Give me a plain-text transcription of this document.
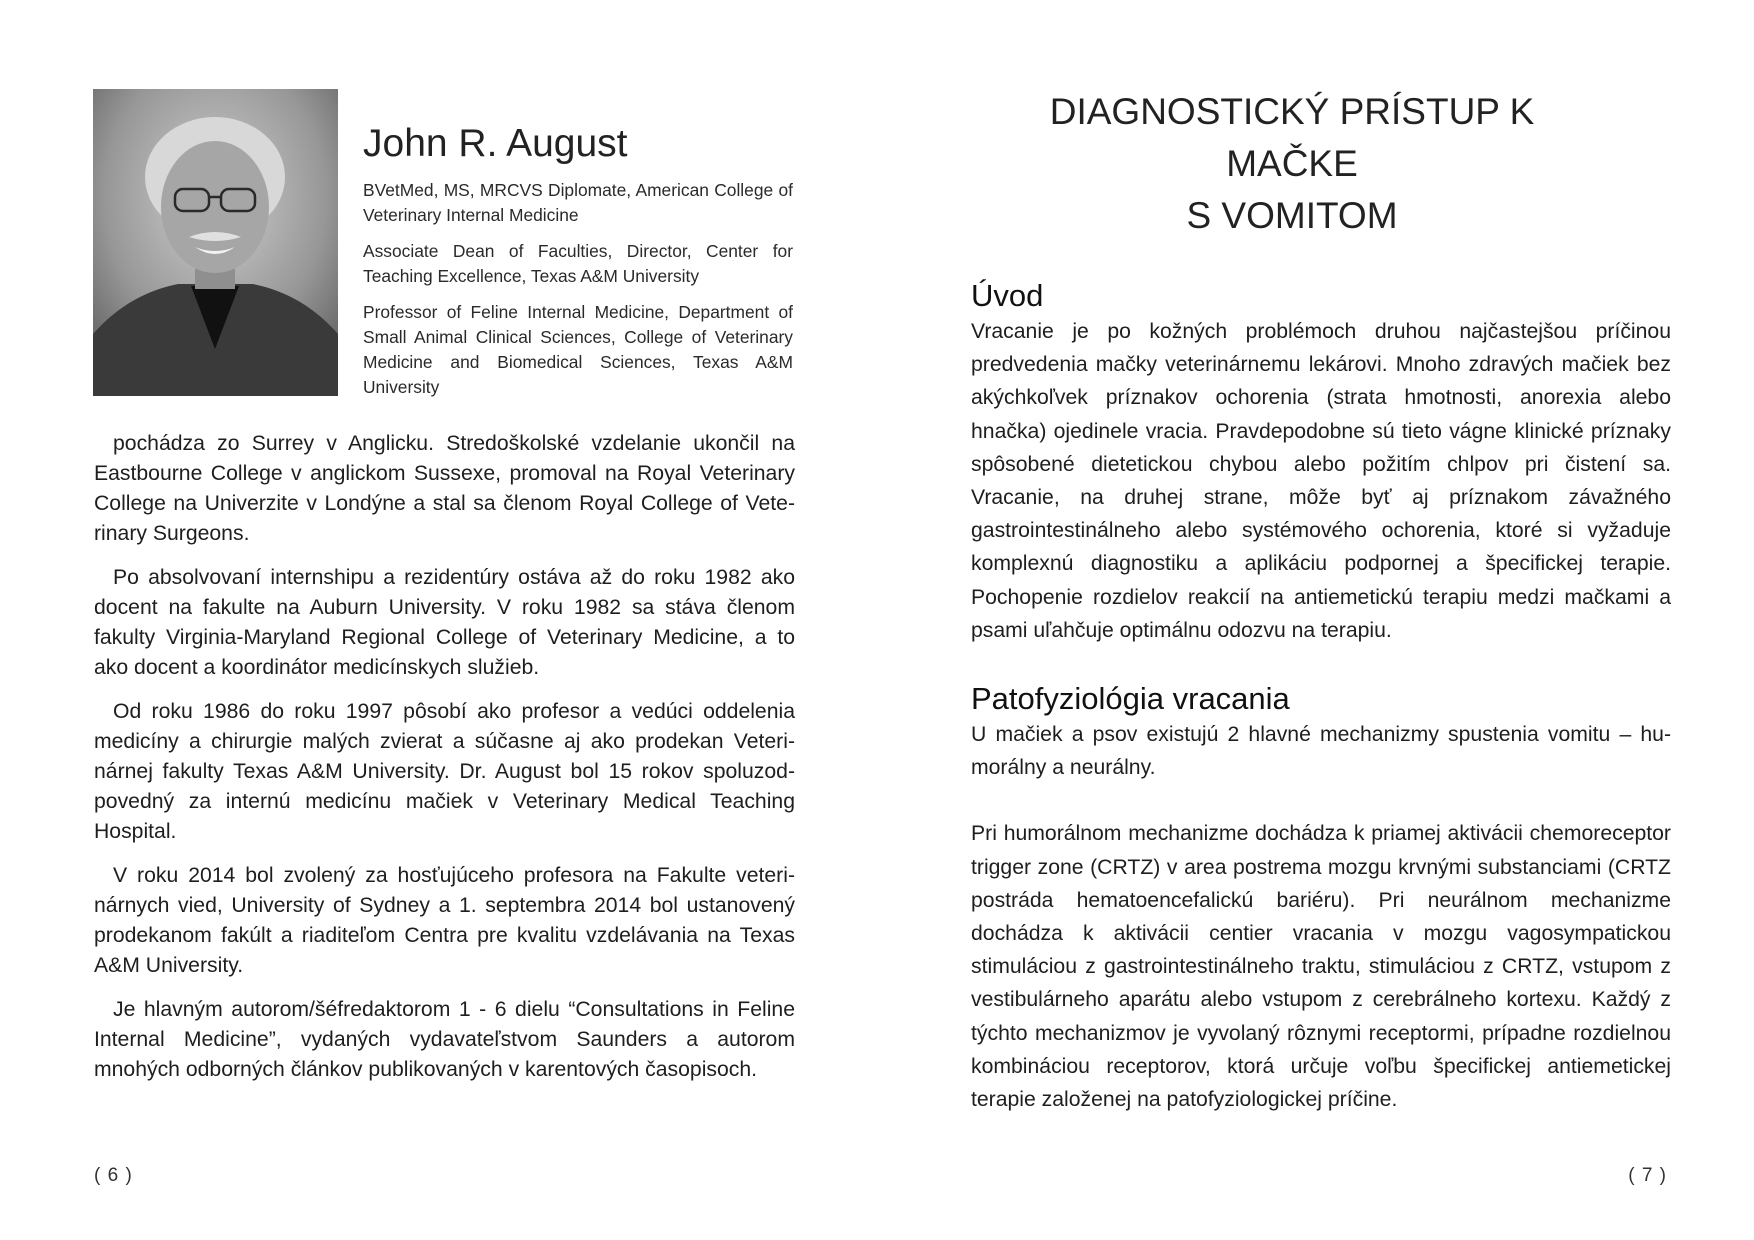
John R. August

BVetMed, MS, MRCVS Diplomate, American College of Veterinary Internal Medicine

Associate Dean of Faculties, Director, Center for Teaching Excellence, Texas A&M University

Professor of Feline Internal Medicine, Department of Small Animal Clinical Sciences, College of Veterinary Medicine and Biomedical Sciences, Texas A&M University

pochádza zo Surrey v Anglicku. Stredoškolské vzdelanie ukončil na Eastbourne College v anglickom Sussexe, promoval na Royal Veterinary College na Univerzite v Londýne a stal sa členom Royal College of Veterinary Surgeons.

Po absolvovaní internshipu a rezidentúry ostáva až do roku 1982 ako docent na fakulte na Auburn University. V roku 1982 sa stáva členom fakulty Virginia-Maryland Regional College of Veterinary Medicine, a to ako docent a koordinátor medicínskych služieb.

Od roku 1986 do roku 1997 pôsobí ako profesor a vedúci oddelenia medicíny a chirurgie malých zvierat a súčasne aj ako prodekan Veterinárnej fakulty Texas A&M University. Dr. August bol 15 rokov spoluzodpovedný za internú medicínu mačiek v Veterinary Medical Teaching Hospital.

V roku 2014 bol zvolený za hosťujúceho profesora na Fakulte veterinárnych vied, University of Sydney a 1. septembra 2014 bol ustanovený prodekanom fakúlt a riaditeľom Centra pre kvalitu vzdelávania na Texas A&M University.

Je hlavným autorom/šéfredaktorom 1 - 6 dielu “Consultations in Feline Internal Medicine”, vydaných vydavateľstvom Saunders a autorom mnohých odborných článkov publikovaných v karentových časopisoch.

( 6 )
DIAGNOSTICKÝ PRÍSTUP K MAČKE
S VOMITOM
Úvod

Vracanie je po kožných problémoch druhou najčastejšou príčinou predvedenia mačky veterinárnemu lekárovi. Mnoho zdravých mačiek bez akýchkoľvek príznakov ochorenia (strata hmotnosti, anorexia alebo hnačka) ojedinele vracia. Pravdepodobne sú tieto vágne klinické príznaky spôsobené dietetickou chybou alebo požitím chlpov pri čistení sa. Vracanie, na druhej strane, môže byť aj príznakom závažného gastrointestinálneho alebo systémového ochorenia, ktoré si vyžaduje komplexnú diagnostiku a aplikáciu podpornej a špecifickej terapie. Pochopenie rozdielov reakcií na antiemetickú terapiu medzi mačkami a psami uľahčuje optimálnu odozvu na terapiu.

Patofyziológia vracania

U mačiek a psov existujú 2 hlavné mechanizmy spustenia vomitu – humorálny a neurálny.

Pri humorálnom mechanizme dochádza k priamej aktivácii chemoreceptor trigger zone (CRTZ) v area postrema mozgu krvnými substanciami (CRTZ postráda hematoencefalickú bariéru). Pri neurálnom mechanizme dochádza k aktivácii centier vracania v mozgu vagosympatickou stimuláciou z gastrointestinálneho traktu, stimuláciou z CRTZ, vstupom z vestibulárneho aparátu alebo vstupom z cerebrálneho kortexu. Každý z týchto mechanizmov je vyvolaný rôznymi receptormi, prípadne rozdielnou kombináciou receptorov, ktorá určuje voľbu špecifickej antiemetickej terapie založenej na patofyziologickej príčine.

( 7 )
